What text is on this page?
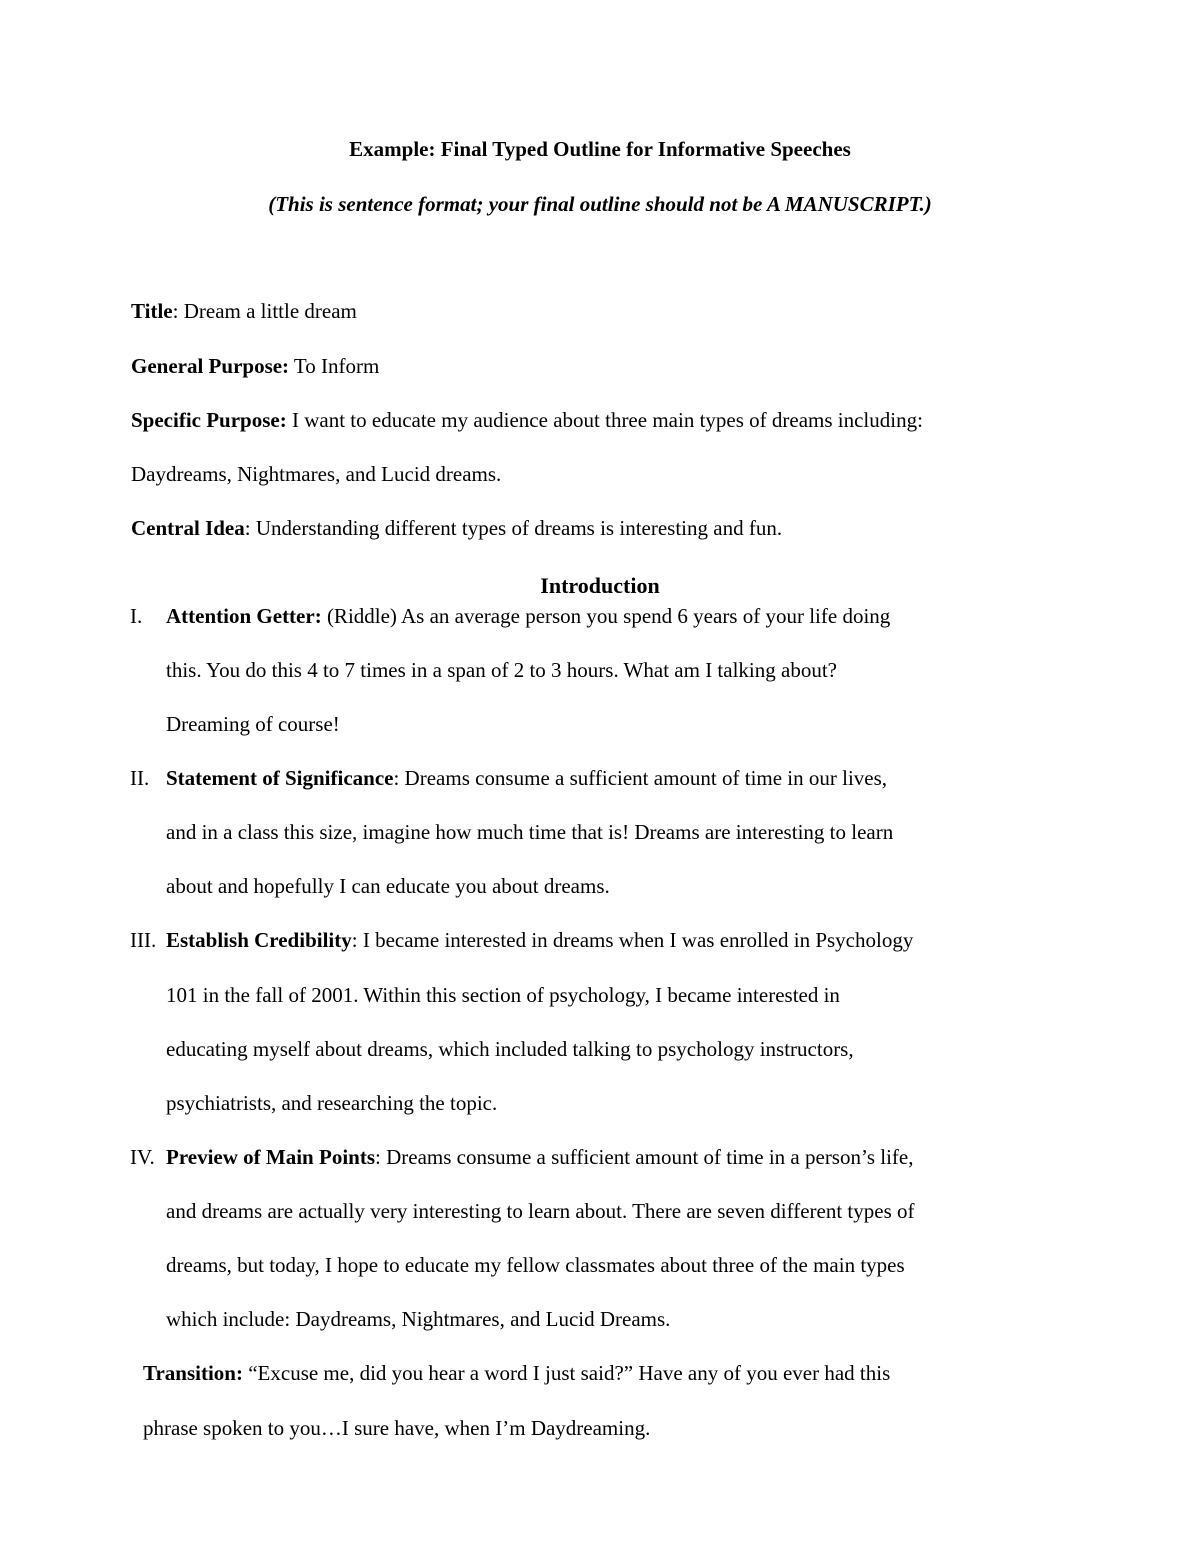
Example: Final Typed Outline for Informative Speeches
(This is sentence format; your final outline should not be A MANUSCRIPT.)
Title: Dream a little dream
General Purpose: To Inform
Specific Purpose: I want to educate my audience about three main types of dreams including:
Daydreams, Nightmares, and Lucid dreams.
Central Idea: Understanding different types of dreams is interesting and fun.
Introduction
I. Attention Getter: (Riddle) As an average person you spend 6 years of your life doing
this. You do this 4 to 7 times in a span of 2 to 3 hours. What am I talking about?
Dreaming of course!
II. Statement of Significance: Dreams consume a sufficient amount of time in our lives,
and in a class this size, imagine how much time that is! Dreams are interesting to learn
about and hopefully I can educate you about dreams.
III. Establish Credibility: I became interested in dreams when I was enrolled in Psychology
101 in the fall of 2001. Within this section of psychology, I became interested in
educating myself about dreams, which included talking to psychology instructors,
psychiatrists, and researching the topic.
IV. Preview of Main Points: Dreams consume a sufficient amount of time in a person’s life,
and dreams are actually very interesting to learn about. There are seven different types of
dreams, but today, I hope to educate my fellow classmates about three of the main types
which include: Daydreams, Nightmares, and Lucid Dreams.
Transition: “Excuse me, did you hear a word I just said?” Have any of you ever had this
phrase spoken to you…I sure have, when I’m Daydreaming.
